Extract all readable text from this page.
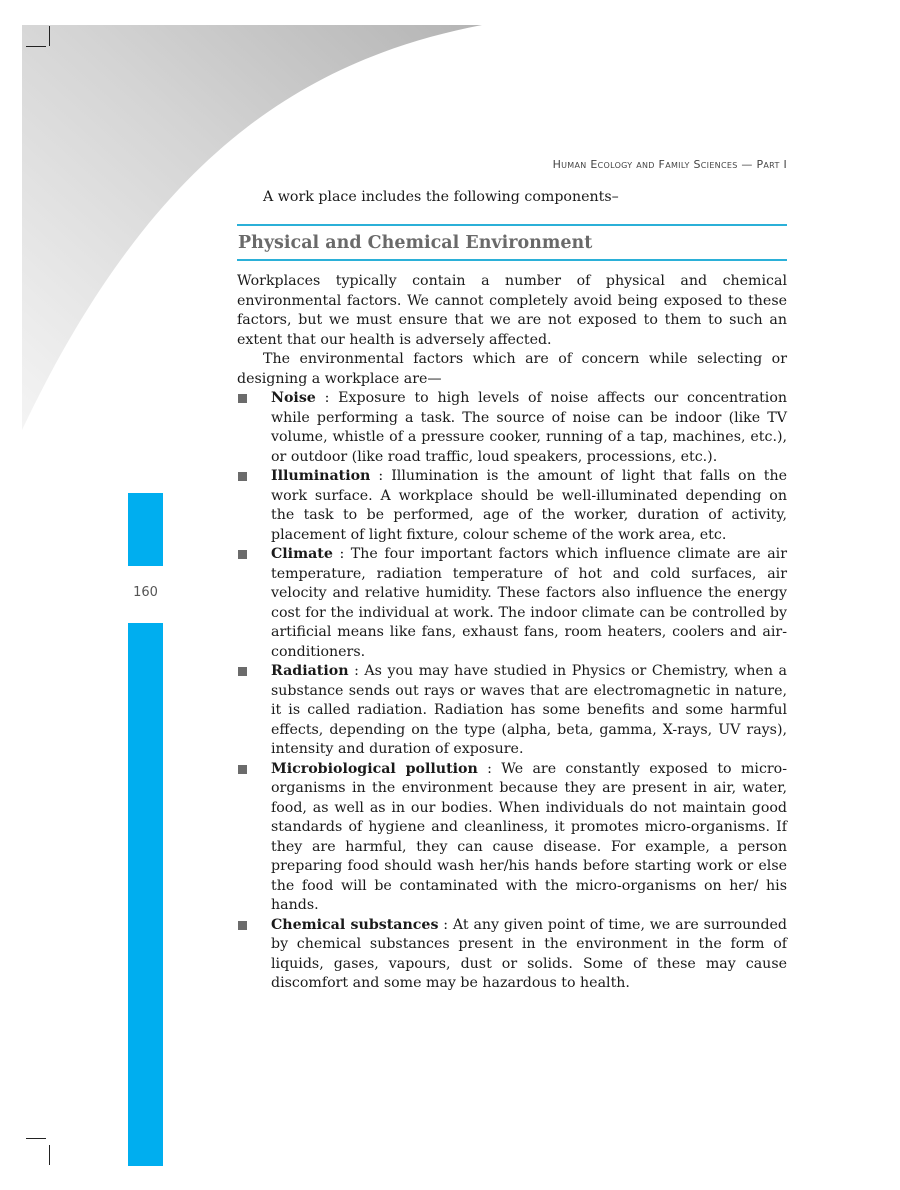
Human Ecology and Family Sciences — Part I
160

A work place includes the following components–

Physical and Chemical Environment

Workplaces typically contain a number of physical and chemical environmental factors. We cannot completely avoid being exposed to these factors, but we must ensure that we are not exposed to them to such an extent that our health is adversely affected.

The environmental factors which are of concern while selecting or designing a workplace are—

Noise : Exposure to high levels of noise affects our concentration while performing a task. The source of noise can be indoor (like TV volume, whistle of a pressure cooker, running of a tap, machines, etc.), or outdoor (like road traffic, loud speakers, processions, etc.).
Illumination : Illumination is the amount of light that falls on the work surface. A workplace should be well-illuminated depending on the task to be performed, age of the worker, duration of activity, placement of light fixture, colour scheme of the work area, etc.
Climate : The four important factors which influence climate are air temperature, radiation temperature of hot and cold surfaces, air velocity and relative humidity. These factors also influence the energy cost for the individual at work. The indoor climate can be controlled by artificial means like fans, exhaust fans, room heaters, coolers and air-conditioners.
Radiation : As you may have studied in Physics or Chemistry, when a substance sends out rays or waves that are electromagnetic in nature, it is called radiation. Radiation has some benefits and some harmful effects, depending on the type (alpha, beta, gamma, X-rays, UV rays), intensity and duration of exposure.
Microbiological pollution : We are constantly exposed to micro-organisms in the environment because they are present in air, water, food, as well as in our bodies. When individuals do not maintain good standards of hygiene and cleanliness, it promotes micro-organisms. If they are harmful, they can cause disease. For example, a person preparing food should wash her/his hands before starting work or else the food will be contaminated with the micro-organisms on her/ his hands.
Chemical substances : At any given point of time, we are surrounded by chemical substances present in the environment in the form of liquids, gases, vapours, dust or solids. Some of these may cause discomfort and some may be hazardous to health.
